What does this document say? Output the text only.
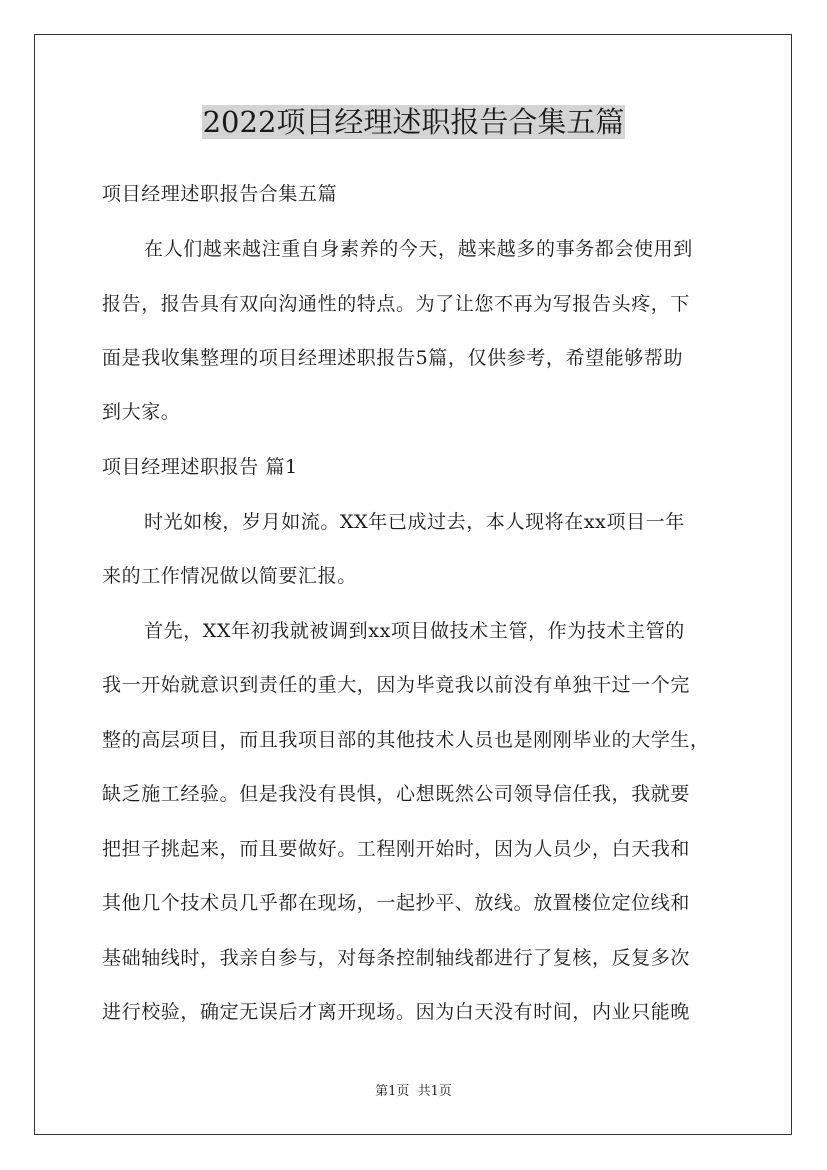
2022项目经理述职报告合集五篇
项目经理述职报告合集五篇
在人们越来越注重自身素养的今天，越来越多的事务都会使用到
报告，报告具有双向沟通性的特点。为了让您不再为写报告头疼，下
面是我收集整理的项目经理述职报告5篇，仅供参考，希望能够帮助
到大家。
项目经理述职报告 篇1
时光如梭，岁月如流。XX年已成过去，本人现将在xx项目一年
来的工作情况做以简要汇报。
首先，XX年初我就被调到xx项目做技术主管，作为技术主管的
我一开始就意识到责任的重大，因为毕竟我以前没有单独干过一个完
整的高层项目，而且我项目部的其他技术人员也是刚刚毕业的大学生，
缺乏施工经验。但是我没有畏惧，心想既然公司领导信任我，我就要
把担子挑起来，而且要做好。工程刚开始时，因为人员少，白天我和
其他几个技术员几乎都在现场，一起抄平、放线。放置楼位定位线和
基础轴线时，我亲自参与，对每条控制轴线都进行了复核，反复多次
进行校验，确定无误后才离开现场。因为白天没有时间，内业只能晚
第1页 共1页
